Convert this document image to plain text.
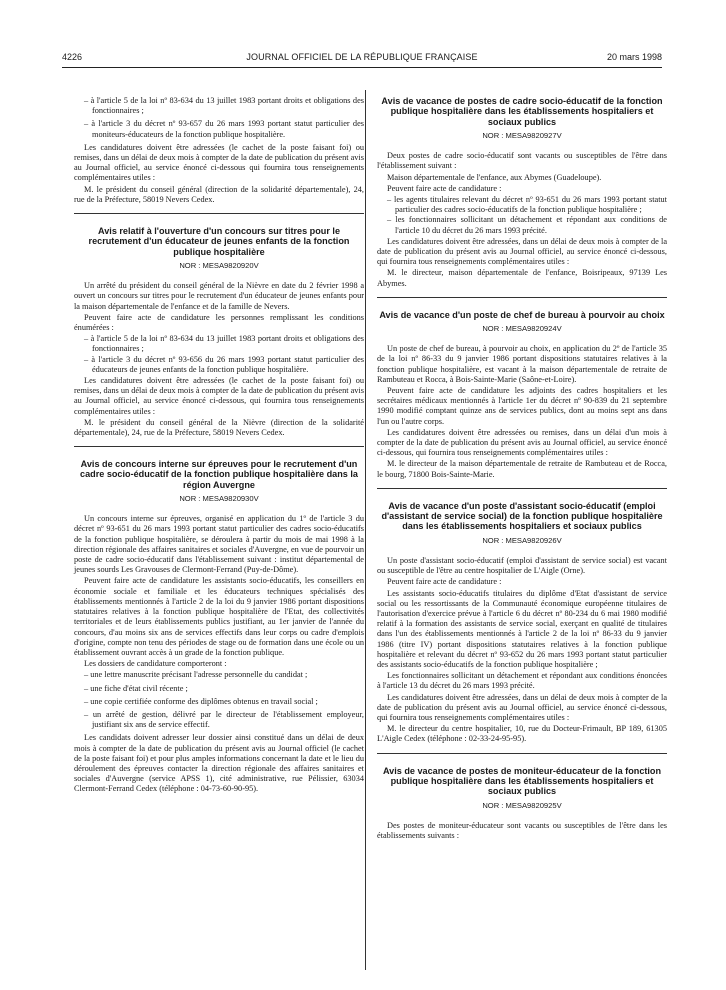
4226	JOURNAL OFFICIEL DE LA RÉPUBLIQUE FRANÇAISE	20 mars 1998
– à l'article 5 de la loi nº 83-634 du 13 juillet 1983 portant droits et obligations des fonctionnaires ;
– à l'article 3 du décret nº 93-657 du 26 mars 1993 portant statut particulier des moniteurs-éducateurs de la fonction publique hospitalière.

Les candidatures doivent être adressées (le cachet de la poste faisant foi) ou remises, dans un délai de deux mois à compter de la date de publication du présent avis au Journal officiel, au service énoncé ci-dessous qui fournira tous renseignements complémentaires utiles :

M. le président du conseil général (direction de la solidarité départementale), 24, rue de la Préfecture, 58019 Nevers Cedex.

Avis relatif à l'ouverture d'un concours sur titres pour le recrutement d'un éducateur de jeunes enfants de la fonction publique hospitalière
NOR : MESA9820920V

Un arrêté du président du conseil général de la Nièvre en date du 2 février 1998 a ouvert un concours sur titres pour le recrutement d'un éducateur de jeunes enfants pour la maison départementale de l'enfance et de la famille de Nevers.

Peuvent faire acte de candidature les personnes remplissant les conditions énumérées :

– à l'article 5 de la loi nº 83-634 du 13 juillet 1983 portant droits et obligations des fonctionnaires ;
– à l'article 3 du décret nº 93-656 du 26 mars 1993 portant statut particulier des éducateurs de jeunes enfants de la fonction publique hospitalière.

Les candidatures doivent être adressées (le cachet de la poste faisant foi) ou remises, dans un délai de deux mois à compter de la date de publication du présent avis au Journal officiel, au service énoncé ci-dessous, qui fournira tous renseignements complémentaires utiles :

M. le président du conseil général de la Nièvre (direction de la solidarité départementale), 24, rue de la Préfecture, 58019 Nevers Cedex.

Avis de concours interne sur épreuves pour le recrutement d'un cadre socio-éducatif de la fonction publique hospitalière dans la région Auvergne
NOR : MESA9820930V

Un concours interne sur épreuves, organisé en application du 1º de l'article 3 du décret nº 93-651 du 26 mars 1993 portant statut particulier des cadres socio-éducatifs de la fonction publique hospitalière, se déroulera à partir du mois de mai 1998 à la direction régionale des affaires sanitaires et sociales d'Auvergne, en vue de pourvoir un poste de cadre socio-éducatif dans l'établissement suivant : institut départemental de jeunes sourds Les Gravouses de Clermont-Ferrand (Puy-de-Dôme).

Peuvent faire acte de candidature les assistants socio-éducatifs, les conseillers en économie sociale et familiale et les éducateurs techniques spécialisés des établissements mentionnés à l'article 2 de la loi du 9 janvier 1986 portant dispositions statutaires relatives à la fonction publique hospitalière de l'Etat, des collectivités territoriales et de leurs établissements publics justifiant, au 1er janvier de l'année du concours, d'au moins six ans de services effectifs dans leur corps ou cadre d'emplois d'origine, compte non tenu des périodes de stage ou de formation dans une école ou un établissement ouvrant accès à un grade de la fonction publique.

Les dossiers de candidature comporteront :

– une lettre manuscrite précisant l'adresse personnelle du candidat ;
– une fiche d'état civil récente ;
– une copie certifiée conforme des diplômes obtenus en travail social ;
– un arrêté de gestion, délivré par le directeur de l'établissement employeur, justifiant six ans de service effectif.

Les candidats doivent adresser leur dossier ainsi constitué dans un délai de deux mois à compter de la date de publication du présent avis au Journal officiel (le cachet de la poste faisant foi) et pour plus amples informations concernant la date et le lieu du déroulement des épreuves contacter la direction régionale des affaires sanitaires et sociales d'Auvergne (service APSS 1), cité administrative, rue Pélissier, 63034 Clermont-Ferrand Cedex (téléphone : 04-73-60-90-95).

Avis de vacance de postes de cadre socio-éducatif de la fonction publique hospitalière dans les établissements hospitaliers et sociaux publics
NOR : MESA9820927V

Deux postes de cadre socio-éducatif sont vacants ou susceptibles de l'être dans l'établissement suivant :

Maison départementale de l'enfance, aux Abymes (Guadeloupe).

Peuvent faire acte de candidature :

– les agents titulaires relevant du décret nº 93-651 du 26 mars 1993 portant statut particulier des cadres socio-éducatifs de la fonction publique hospitalière ;
– les fonctionnaires sollicitant un détachement et répondant aux conditions de l'article 10 du décret du 26 mars 1993 précité.

Les candidatures doivent être adressées, dans un délai de deux mois à compter de la date de publication du présent avis au Journal officiel, au service énoncé ci-dessous, qui fournira tous renseignements complémentaires utiles :

M. le directeur, maison départementale de l'enfance, Boisripeaux, 97139 Les Abymes.

Avis de vacance d'un poste de chef de bureau à pourvoir au choix
NOR : MESA9820924V

Un poste de chef de bureau, à pourvoir au choix, en application du 2º de l'article 35 de la loi nº 86-33 du 9 janvier 1986 portant dispositions statutaires relatives à la fonction publique hospitalière, est vacant à la maison départementale de retraite de Rambuteau et Rocca, à Bois-Sainte-Marie (Saône-et-Loire).

Peuvent faire acte de candidature les adjoints des cadres hospitaliers et les secrétaires médicaux mentionnés à l'article 1er du décret nº 90-839 du 21 septembre 1990 modifié comptant quinze ans de services publics, dont au moins sept ans dans l'un ou l'autre corps.

Les candidatures doivent être adressées ou remises, dans un délai d'un mois à compter de la date de publication du présent avis au Journal officiel, au service énoncé ci-dessous, qui fournira tous renseignements complémentaires utiles :

M. le directeur de la maison départementale de retraite de Rambuteau et de Rocca, le bourg, 71800 Bois-Sainte-Marie.

Avis de vacance d'un poste d'assistant socio-éducatif (emploi d'assistant de service social) de la fonction publique hospitalière dans les établissements hospitaliers et sociaux publics
NOR : MESA9820926V

Un poste d'assistant socio-éducatif (emploi d'assistant de service social) est vacant ou susceptible de l'être au centre hospitalier de L'Aigle (Orne).

Peuvent faire acte de candidature :

Les assistants socio-éducatifs titulaires du diplôme d'Etat d'assistant de service social ou les ressortissants de la Communauté économique européenne titulaires de l'autorisation d'exercice prévue à l'article 6 du décret nº 80-234 du 6 mai 1980 modifié relatif à la formation des assistants de service social, exerçant en qualité de titulaires dans l'un des établissements mentionnés à l'article 2 de la loi nº 86-33 du 9 janvier 1986 (titre IV) portant dispositions statutaires relatives à la fonction publique hospitalière et relevant du décret nº 93-652 du 26 mars 1993 portant statut particulier des assistants socio-éducatifs de la fonction publique hospitalière ;

Les fonctionnaires sollicitant un détachement et répondant aux conditions énoncées à l'article 13 du décret du 26 mars 1993 précité.

Les candidatures doivent être adressées, dans un délai de deux mois à compter de la date de publication du présent avis au Journal officiel, au service énoncé ci-dessous, qui fournira tous renseignements complémentaires utiles :

M. le directeur du centre hospitalier, 10, rue du Docteur-Frimault, BP 189, 61305 L'Aigle Cedex (téléphone : 02-33-24-95-95).

Avis de vacance de postes de moniteur-éducateur de la fonction publique hospitalière dans les établissements hospitaliers et sociaux publics
NOR : MESA9820925V

Des postes de moniteur-éducateur sont vacants ou susceptibles de l'être dans les établissements suivants :
